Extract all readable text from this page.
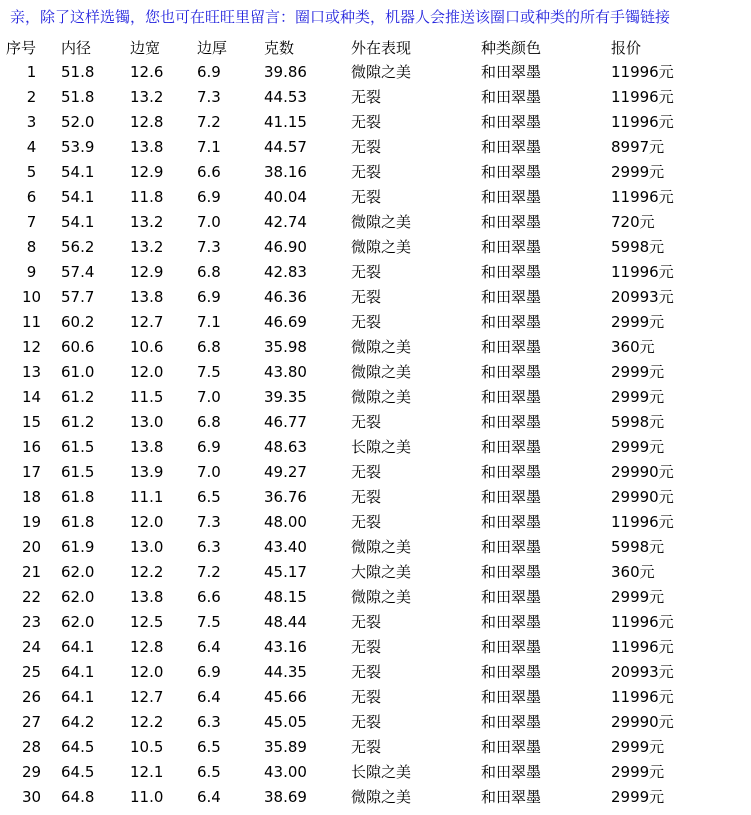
亲，除了这样选镯，您也可在旺旺里留言：圈口或种类，机器人会推送该圈口或种类的所有手镯链接
序号	内径	边宽	边厚	克数	外在表现	种类颜色	报价
1	51.8	12.6	6.9	39.86	微隙之美	和田翠墨	11996元
2	51.8	13.2	7.3	44.53	无裂	和田翠墨	11996元
3	52.0	12.8	7.2	41.15	无裂	和田翠墨	11996元
4	53.9	13.8	7.1	44.57	无裂	和田翠墨	8997元
5	54.1	12.9	6.6	38.16	无裂	和田翠墨	2999元
6	54.1	11.8	6.9	40.04	无裂	和田翠墨	11996元
7	54.1	13.2	7.0	42.74	微隙之美	和田翠墨	720元
8	56.2	13.2	7.3	46.90	微隙之美	和田翠墨	5998元
9	57.4	12.9	6.8	42.83	无裂	和田翠墨	11996元
10	57.7	13.8	6.9	46.36	无裂	和田翠墨	20993元
11	60.2	12.7	7.1	46.69	无裂	和田翠墨	2999元
12	60.6	10.6	6.8	35.98	微隙之美	和田翠墨	360元
13	61.0	12.0	7.5	43.80	微隙之美	和田翠墨	2999元
14	61.2	11.5	7.0	39.35	微隙之美	和田翠墨	2999元
15	61.2	13.0	6.8	46.77	无裂	和田翠墨	5998元
16	61.5	13.8	6.9	48.63	长隙之美	和田翠墨	2999元
17	61.5	13.9	7.0	49.27	无裂	和田翠墨	29990元
18	61.8	11.1	6.5	36.76	无裂	和田翠墨	29990元
19	61.8	12.0	7.3	48.00	无裂	和田翠墨	11996元
20	61.9	13.0	6.3	43.40	微隙之美	和田翠墨	5998元
21	62.0	12.2	7.2	45.17	大隙之美	和田翠墨	360元
22	62.0	13.8	6.6	48.15	微隙之美	和田翠墨	2999元
23	62.0	12.5	7.5	48.44	无裂	和田翠墨	11996元
24	64.1	12.8	6.4	43.16	无裂	和田翠墨	11996元
25	64.1	12.0	6.9	44.35	无裂	和田翠墨	20993元
26	64.1	12.7	6.4	45.66	无裂	和田翠墨	11996元
27	64.2	12.2	6.3	45.05	无裂	和田翠墨	29990元
28	64.5	10.5	6.5	35.89	无裂	和田翠墨	2999元
29	64.5	12.1	6.5	43.00	长隙之美	和田翠墨	2999元
30	64.8	11.0	6.4	38.69	微隙之美	和田翠墨	2999元
